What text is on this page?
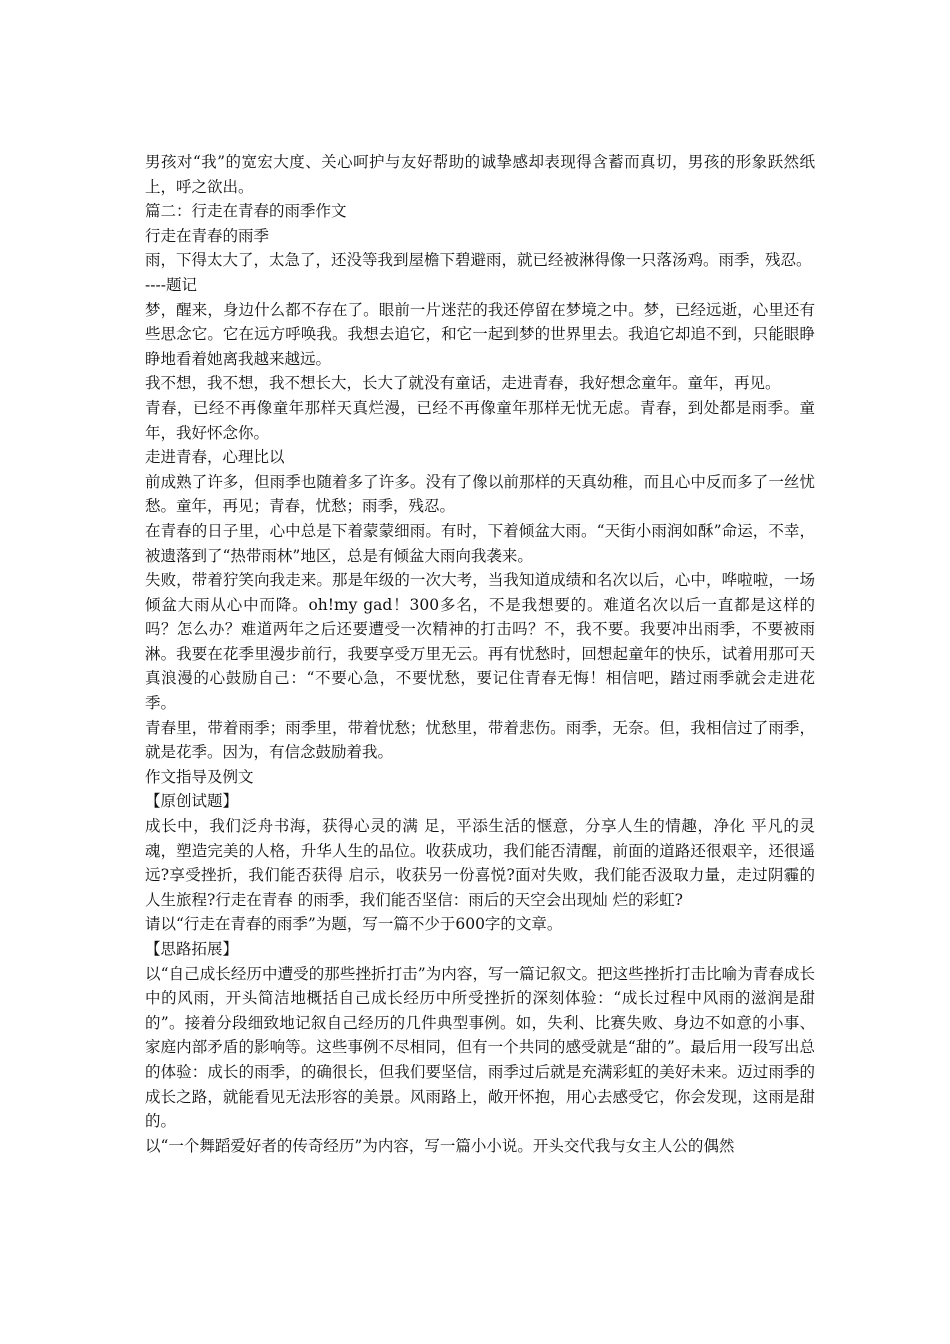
男孩对“我”的宽宏大度、关心呵护与友好帮助的诚挚感却表现得含蓄而真切，男孩的形象跃然纸上，呼之欲出。

篇二：行走在青春的雨季作文

行走在青春的雨季

雨，下得太大了，太急了，还没等我到屋檐下碧避雨，就已经被淋得像一只落汤鸡。雨季，残忍。

----题记

梦，醒来，身边什么都不存在了。眼前一片迷茫的我还停留在梦境之中。梦，已经远逝，心里还有些思念它。它在远方呼唤我。我想去追它，和它一起到梦的世界里去。我追它却追不到，只能眼睁睁地看着她离我越来越远。

我不想，我不想，我不想长大，长大了就没有童话，走进青春，我好想念童年。童年，再见。

青春，已经不再像童年那样天真烂漫，已经不再像童年那样无忧无虑。青春，到处都是雨季。童年，我好怀念你。

走进青春，心理比以

前成熟了许多，但雨季也随着多了许多。没有了像以前那样的天真幼稚，而且心中反而多了一丝忧愁。童年，再见；青春，忧愁；雨季，残忍。

在青春的日子里，心中总是下着蒙蒙细雨。有时，下着倾盆大雨。“天街小雨润如酥”命运，不幸，被遗落到了“热带雨林”地区，总是有倾盆大雨向我袭来。

失败，带着狞笑向我走来。那是年级的一次大考，当我知道成绩和名次以后，心中，哗啦啦，一场倾盆大雨从心中而降。oh!my gad！300多名，不是我想要的。难道名次以后一直都是这样的吗？怎么办？难道两年之后还要遭受一次精神的打击吗？不，我不要。我要冲出雨季，不要被雨淋。我要在花季里漫步前行，我要享受万里无云。再有忧愁时，回想起童年的快乐，试着用那可天真浪漫的心鼓励自己：“不要心急，不要忧愁，要记住青春无悔！相信吧，踏过雨季就会走进花季。

青春里，带着雨季；雨季里，带着忧愁；忧愁里，带着悲伤。雨季，无奈。但，我相信过了雨季，就是花季。因为，有信念鼓励着我。

作文指导及例文

【原创试题】

成长中，我们泛舟书海，获得心灵的满 足，平添生活的惬意，分享人生的情趣，净化 平凡的灵魂，塑造完美的人格，升华人生的品位。收获成功，我们能否清醒，前面的道路还很艰辛，还很遥远?享受挫折，我们能否获得 启示，收获另一份喜悦?面对失败，我们能否汲取力量，走过阴霾的人生旅程?行走在青春 的雨季，我们能否坚信：雨后的天空会出现灿 烂的彩虹?

请以“行走在青春的雨季”为题，写一篇不少于600字的文章。

【思路拓展】

以“自己成长经历中遭受的那些挫折打击”为内容，写一篇记叙文。把这些挫折打击比喻为青春成长中的风雨，开头简洁地概括自己成长经历中所受挫折的深刻体验：“成长过程中风雨的滋润是甜的”。接着分段细致地记叙自己经历的几件典型事例。如，失利、比赛失败、身边不如意的小事、家庭内部矛盾的影响等。这些事例不尽相同，但有一个共同的感受就是“甜的”。最后用一段写出总的体验：成长的雨季，的确很长，但我们要坚信，雨季过后就是充满彩虹的美好未来。迈过雨季的成长之路，就能看见无法形容的美景。风雨路上，敞开怀抱，用心去感受它，你会发现，这雨是甜的。

以“一个舞蹈爱好者的传奇经历”为内容，写一篇小小说。开头交代我与女主人公的偶然
